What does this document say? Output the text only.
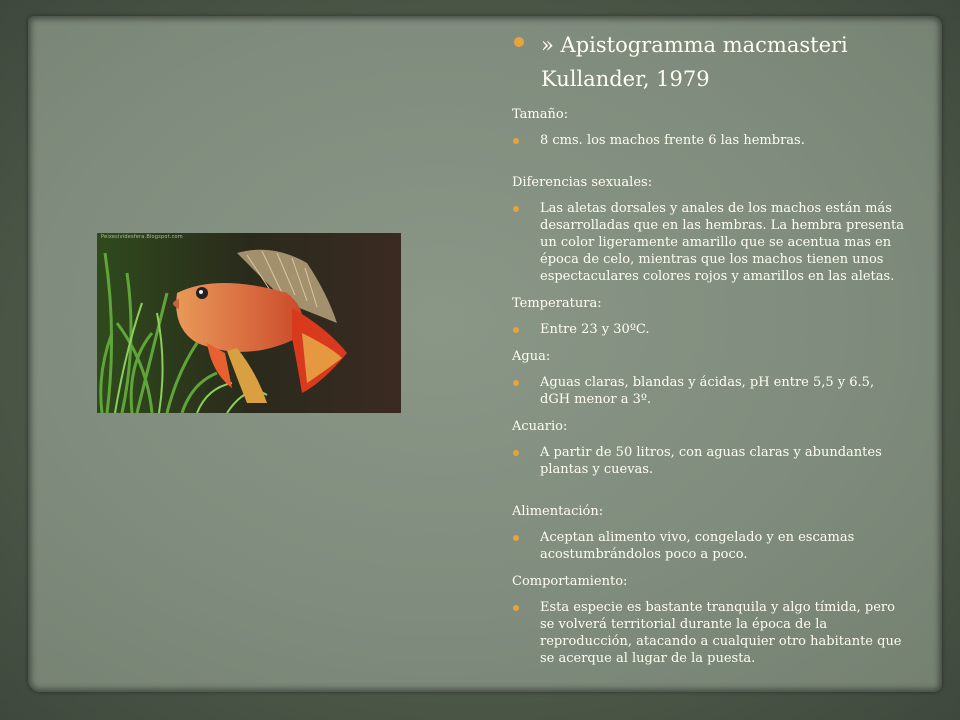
Peixeslvidesfera.Blogspot.com
» Apistogramma macmasteri Kullander, 1979
Tamaño:
8 cms. los machos frente 6 las hembras.
Diferencias sexuales:
Las aletas dorsales y anales de los machos están más desarrolladas que en las hembras. La hembra presenta un color ligeramente amarillo que se acentua mas en época de celo, mientras que los machos tienen unos espectaculares colores rojos y amarillos en las aletas.
Temperatura:
Entre 23 y 30ºC.
Agua:
Aguas claras, blandas y ácidas, pH entre 5,5 y 6.5, dGH menor a 3º.
Acuario:
A partir de 50 litros, con aguas claras y abundantes plantas y cuevas.
Alimentación:
Aceptan alimento vivo, congelado y en escamas acostumbrándolos poco a poco.
Comportamiento:
Esta especie es bastante tranquila y algo tímida, pero se volverá territorial durante la época de la reproducción, atacando a cualquier otro habitante que se acerque al lugar de la puesta.
